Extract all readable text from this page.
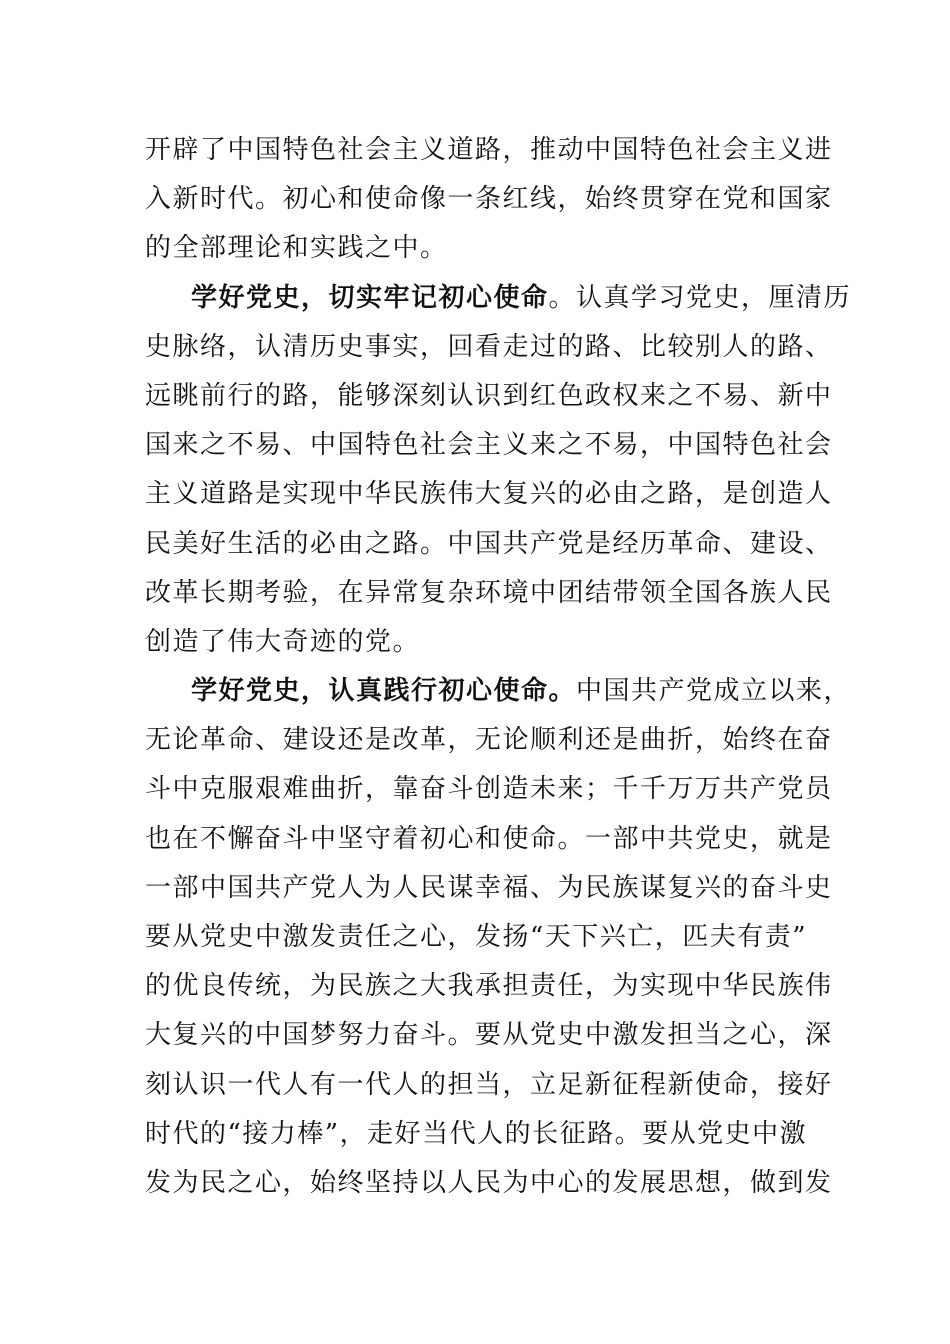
开辟了中国特色社会主义道路，推动中国特色社会主义进
入新时代。初心和使命像一条红线，始终贯穿在党和国家
的全部理论和实践之中。
学好党史，切实牢记初心使命。认真学习党史，厘清历
史脉络，认清历史事实，回看走过的路、比较别人的路、
远眺前行的路，能够深刻认识到红色政权来之不易、新中
国来之不易、中国特色社会主义来之不易，中国特色社会
主义道路是实现中华民族伟大复兴的必由之路，是创造人
民美好生活的必由之路。中国共产党是经历革命、建设、
改革长期考验，在异常复杂环境中团结带领全国各族人民
创造了伟大奇迹的党。
学好党史，认真践行初心使命。中国共产党成立以来，
无论革命、建设还是改革，无论顺利还是曲折，始终在奋
斗中克服艰难曲折，靠奋斗创造未来；千千万万共产党员
也在不懈奋斗中坚守着初心和使命。一部中共党史，就是
一部中国共产党人为人民谋幸福、为民族谋复兴的奋斗史
要从党史中激发责任之心，发扬“天下兴亡，匹夫有责”
的优良传统，为民族之大我承担责任，为实现中华民族伟
大复兴的中国梦努力奋斗。要从党史中激发担当之心，深
刻认识一代人有一代人的担当，立足新征程新使命，接好
时代的“接力棒”，走好当代人的长征路。要从党史中激
发为民之心，始终坚持以人民为中心的发展思想，做到发
